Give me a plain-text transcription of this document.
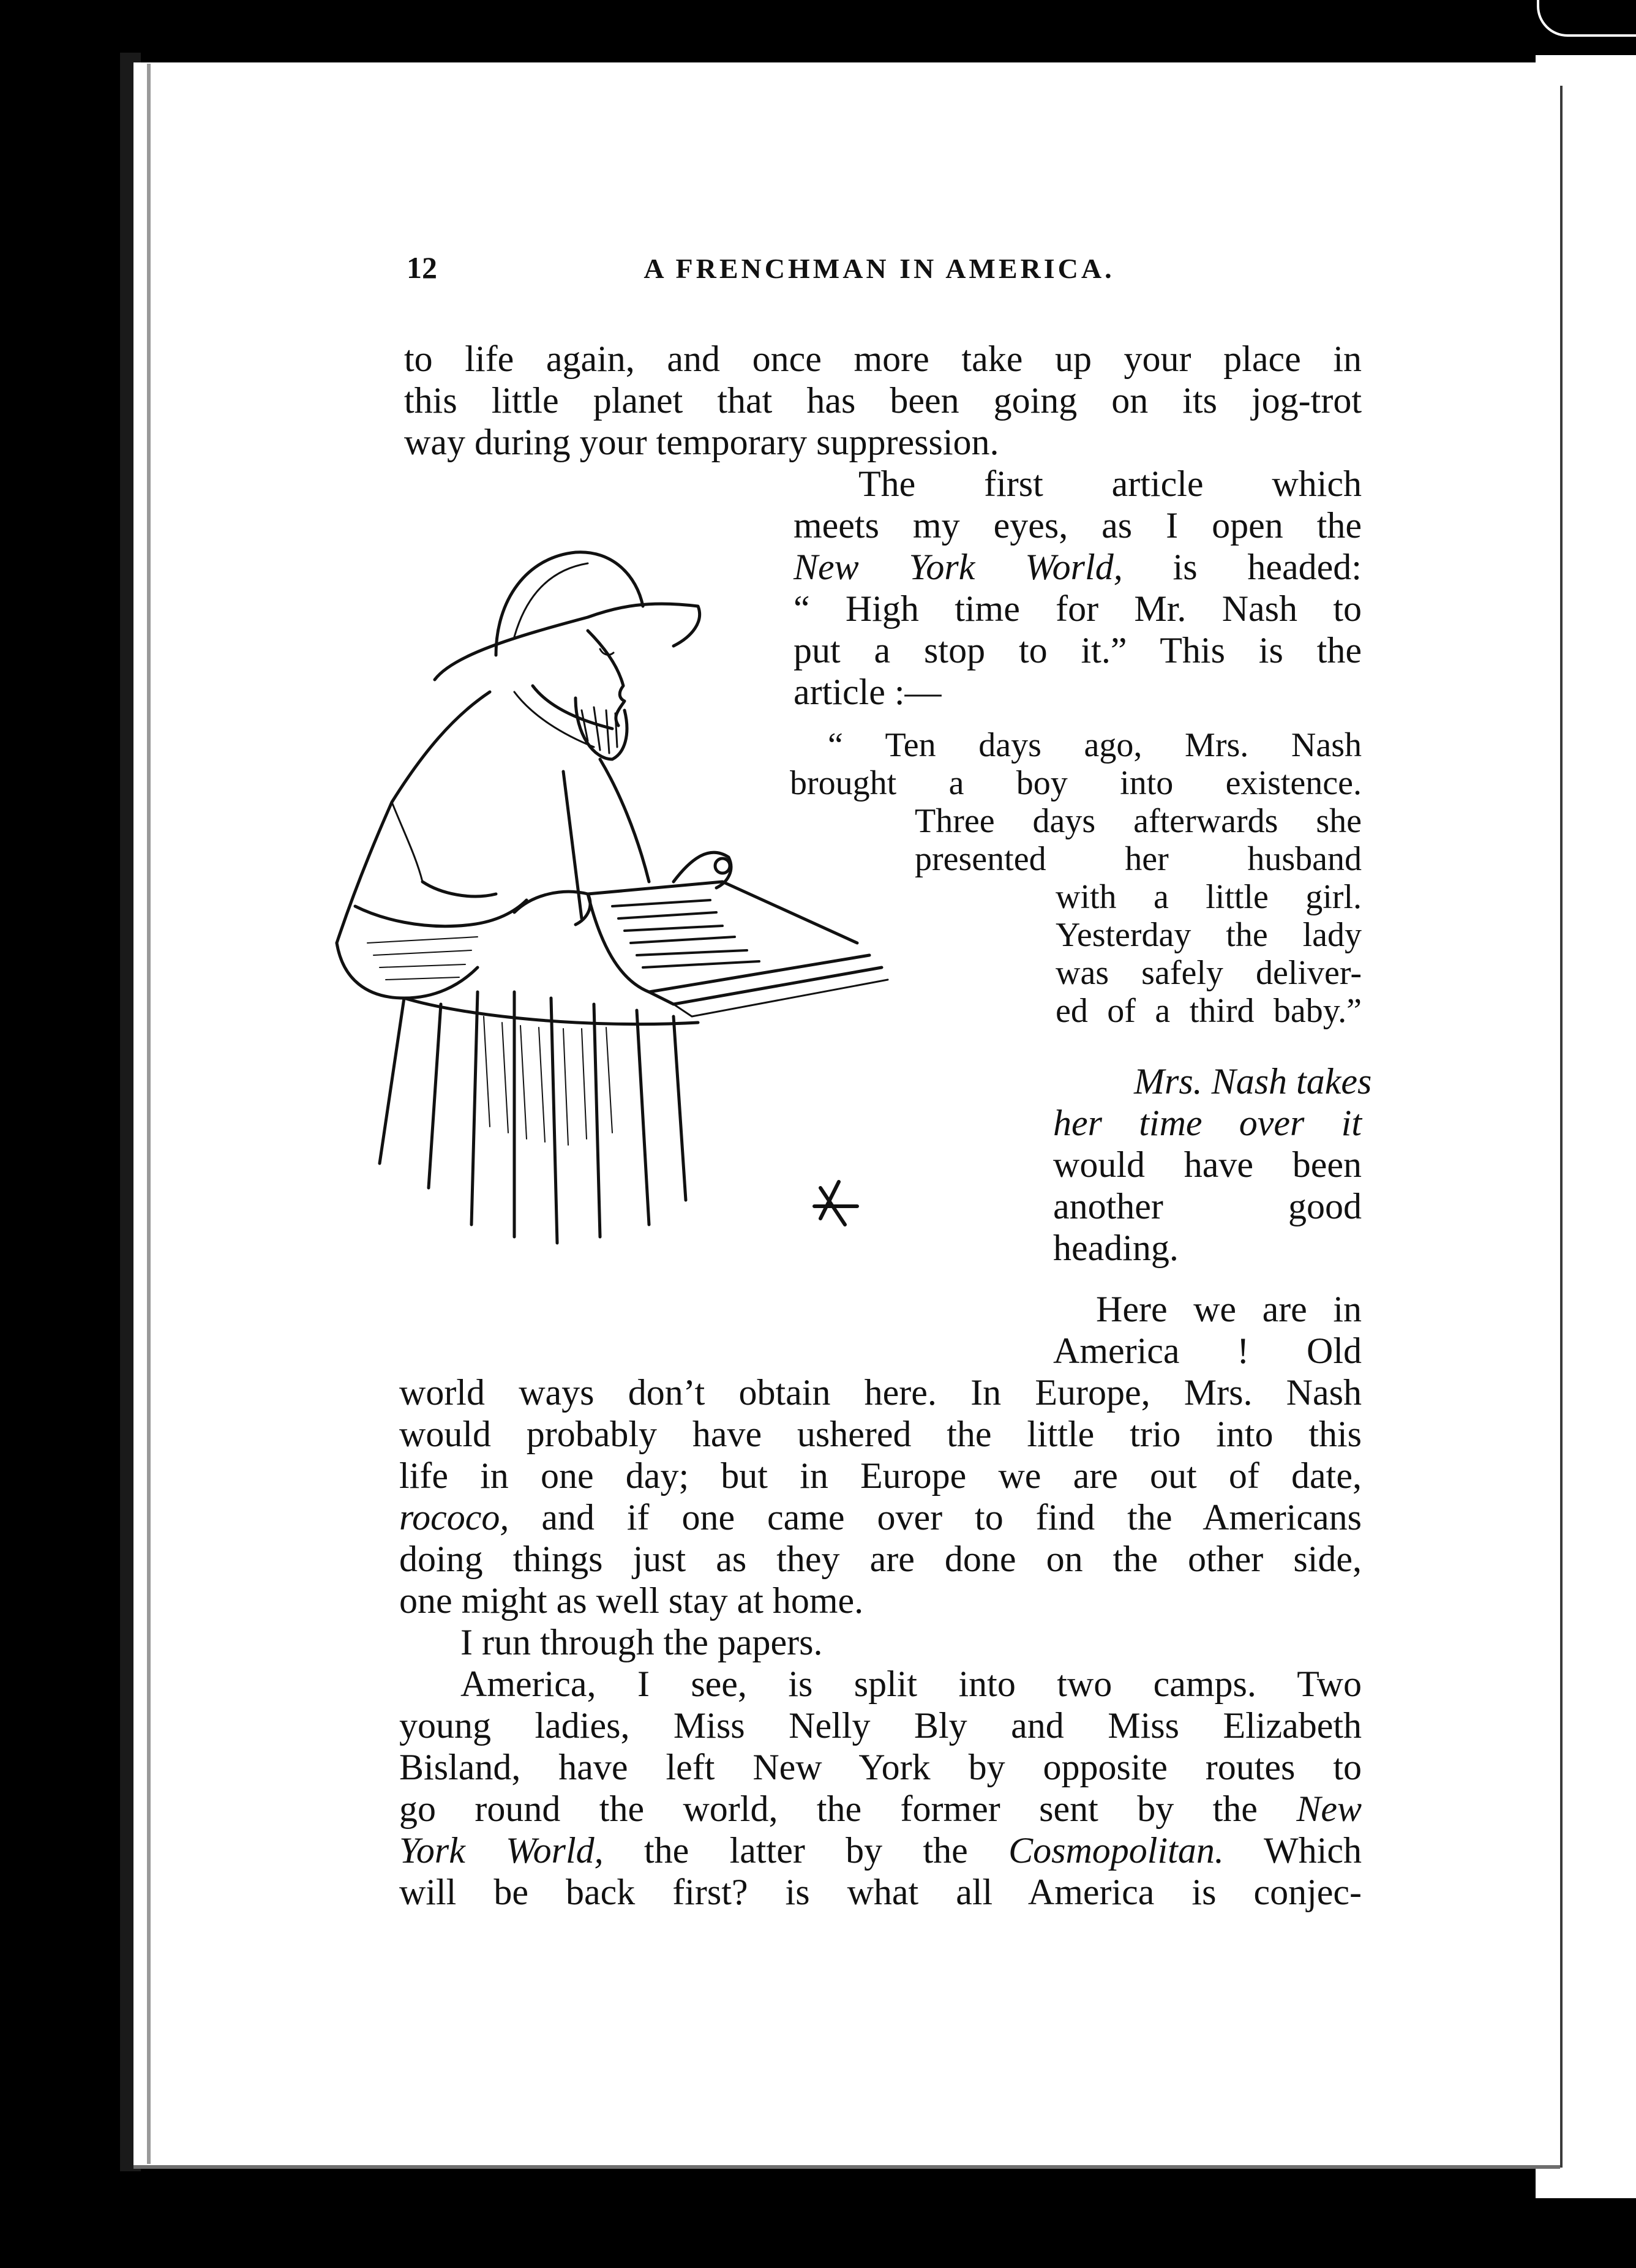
12	A FRENCHMAN IN AMERICA.
to life again, and once more take up your place in
this little planet that has been going on its jog-trot
way during your temporary suppression.
The first article which
meets my eyes, as I open the
New York World, is headed:
“ High time for Mr. Nash to
put a stop to it.” This is the
article :—
“ Ten days ago, Mrs. Nash
brought a boy into existence.
Three days afterwards she
presented her husband
with a little girl.
Yesterday the lady
was safely deliver-
ed of a third baby.”
Mrs. Nash takes
her time over it
would have been
another good
heading.
Here we are in
America ! Old
world ways don’t obtain here. In Europe, Mrs. Nash
would probably have ushered the little trio into this
life in one day; but in Europe we are out of date,
rococo, and if one came over to find the Americans
doing things just as they are done on the other side,
one might as well stay at home.
I run through the papers.
America, I see, is split into two camps. Two
young ladies, Miss Nelly Bly and Miss Elizabeth
Bisland, have left New York by opposite routes to
go round the world, the former sent by the New
York World, the latter by the Cosmopolitan. Which
will be back first? is what all America is conjec-
